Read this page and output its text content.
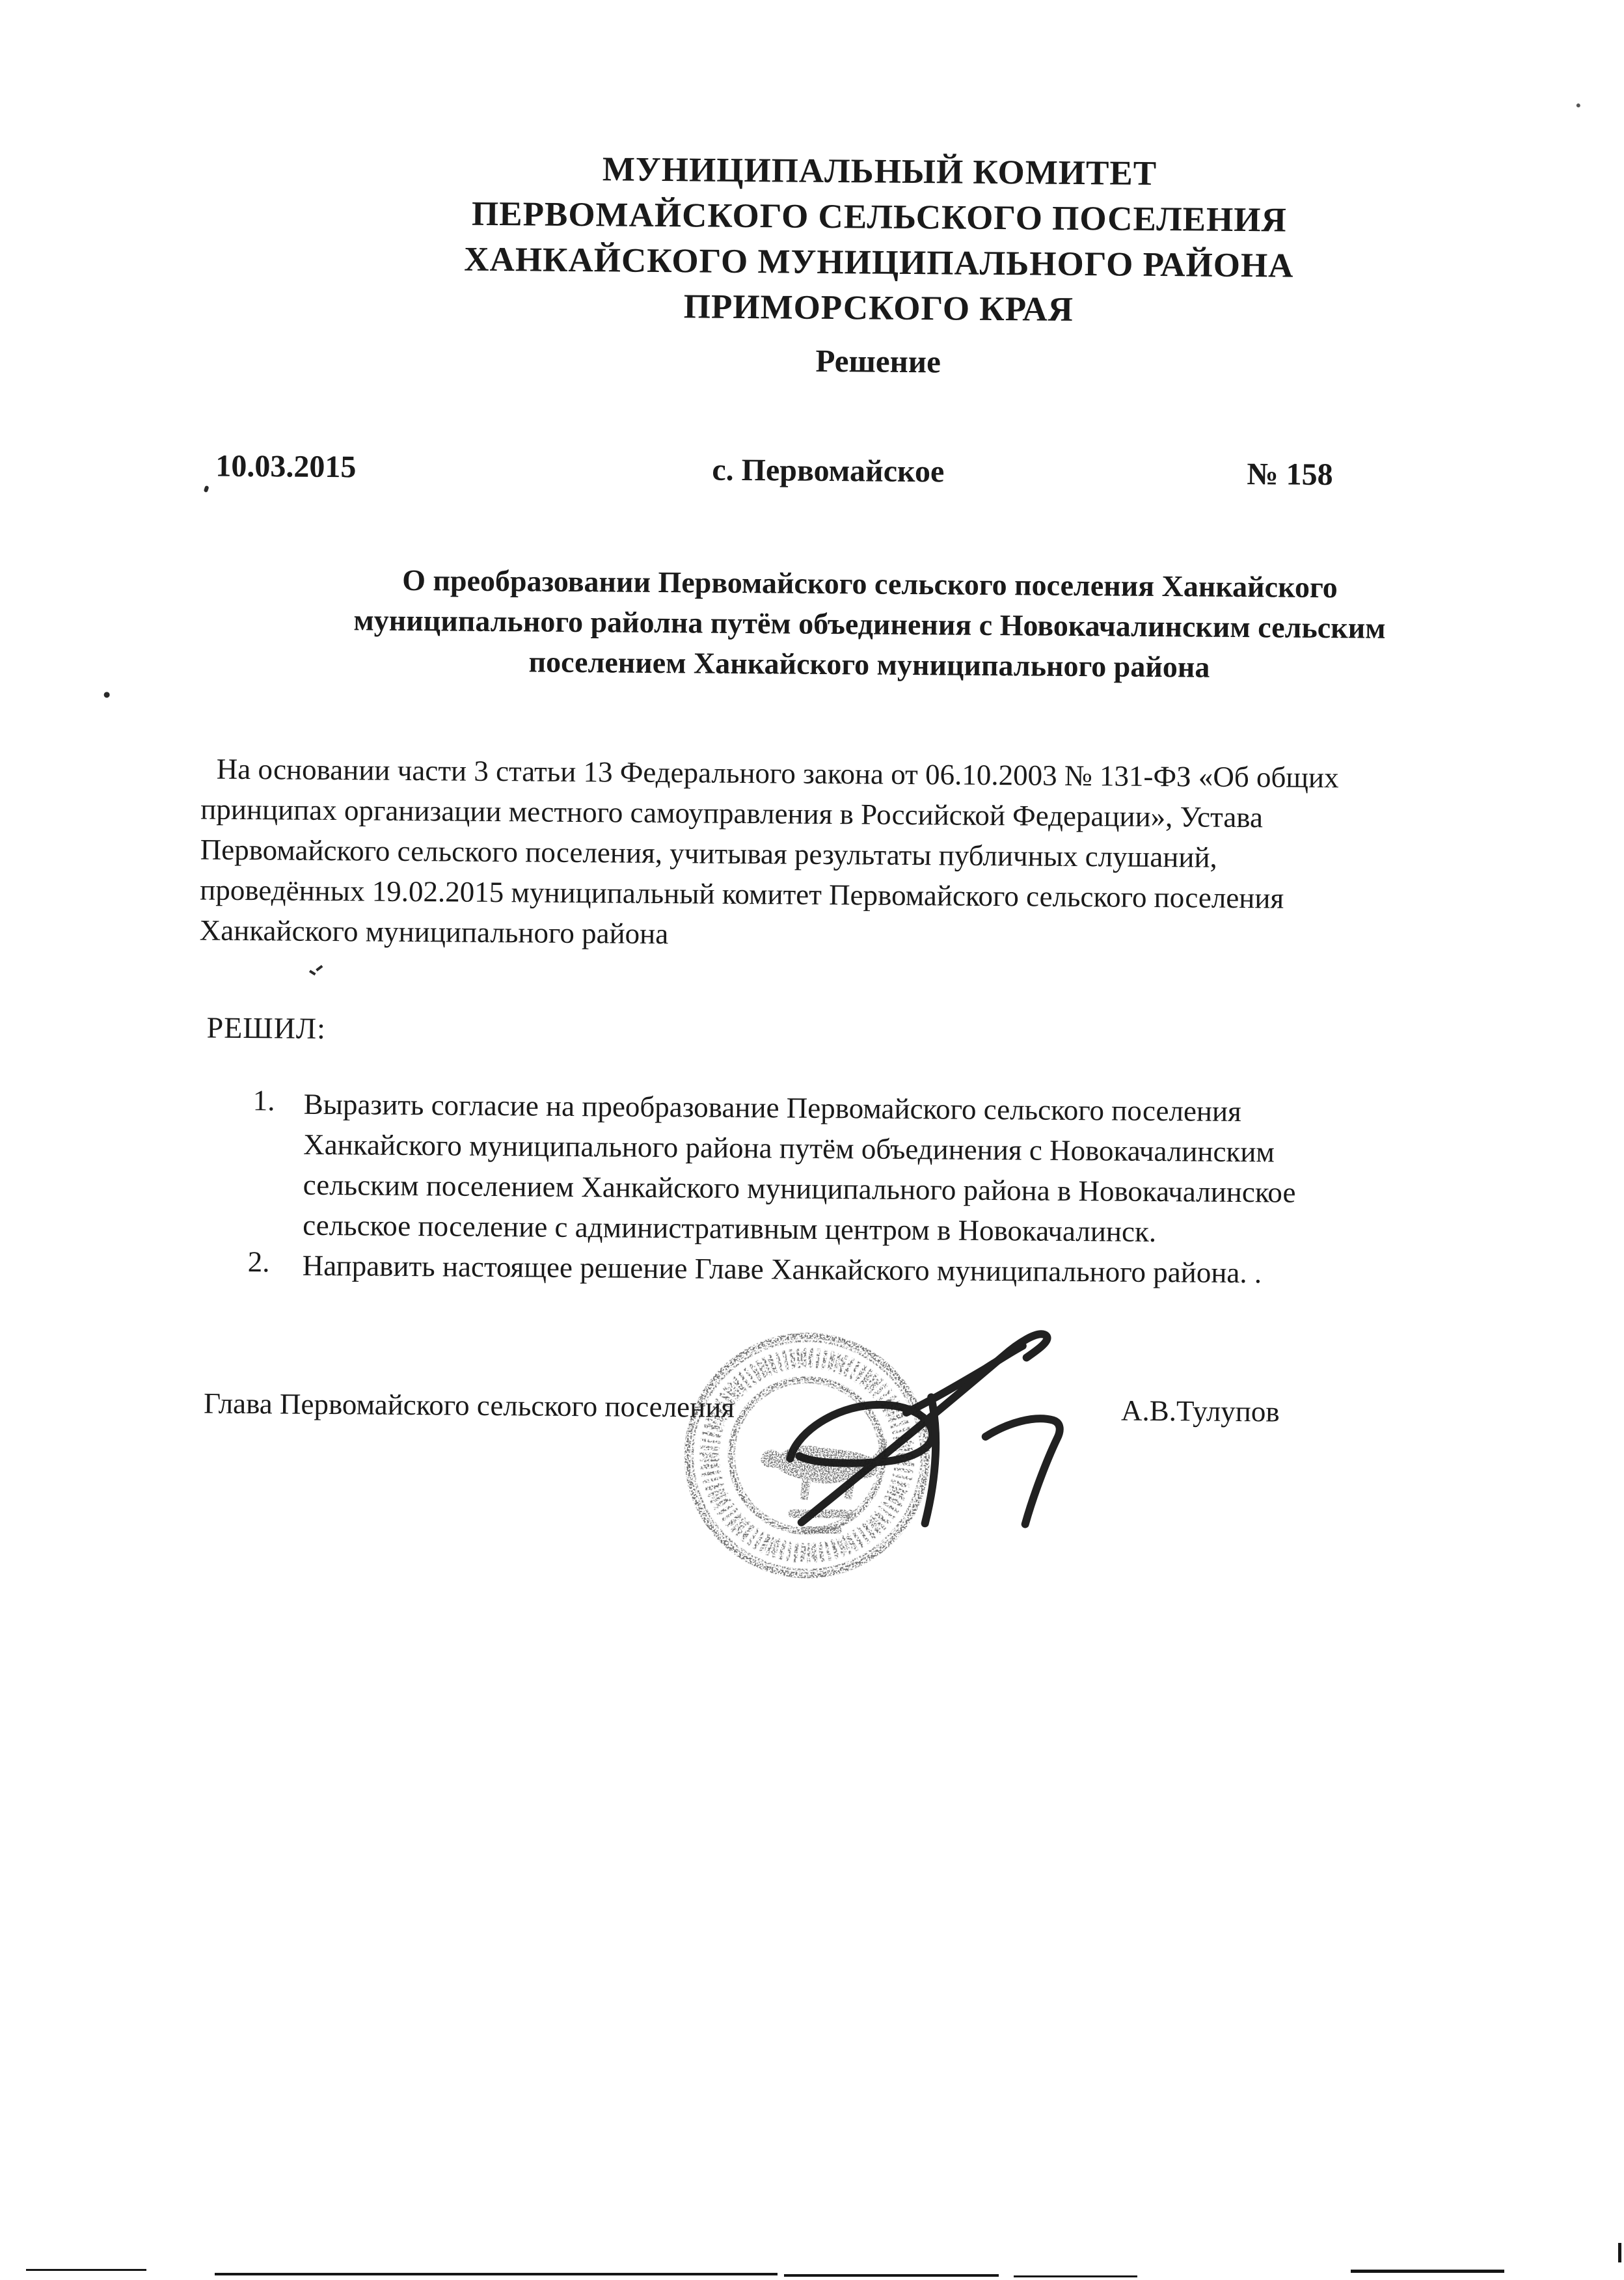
МУНИЦИПАЛЬНЫЙ КОМИТЕТ
ПЕРВОМАЙСКОГО СЕЛЬСКОГО ПОСЕЛЕНИЯ
ХАНКАЙСКОГО МУНИЦИПАЛЬНОГО РАЙОНА
ПРИМОРСКОГО КРАЯ
Решение
10.03.2015	с. Первомайское	№ 158
О преобразовании Первомайского сельского поселения Ханкайского
муниципального райолна путём объединения с Новокачалинским сельским
поселением Ханкайского муниципального района
На основании части 3 статьи 13 Федерального закона от 06.10.2003 № 131-ФЗ «Об общих
принципах организации местного самоуправления в Российской Федерации», Устава
Первомайского сельского поселения, учитывая результаты публичных слушаний,
проведённых 19.02.2015 муниципальный комитет Первомайского сельского поселения
Ханкайского муниципального района
РЕШИЛ:
1. Выразить согласие на преобразование Первомайского сельского поселения
Ханкайского муниципального района путём объединения с Новокачалинским
сельским поселением Ханкайского муниципального района в Новокачалинское
сельское поселение с административным центром в Новокачалинск.
2. Направить настоящее решение Главе Ханкайского муниципального района. .
Глава Первомайского сельского поселения	А.В.Тулупов
